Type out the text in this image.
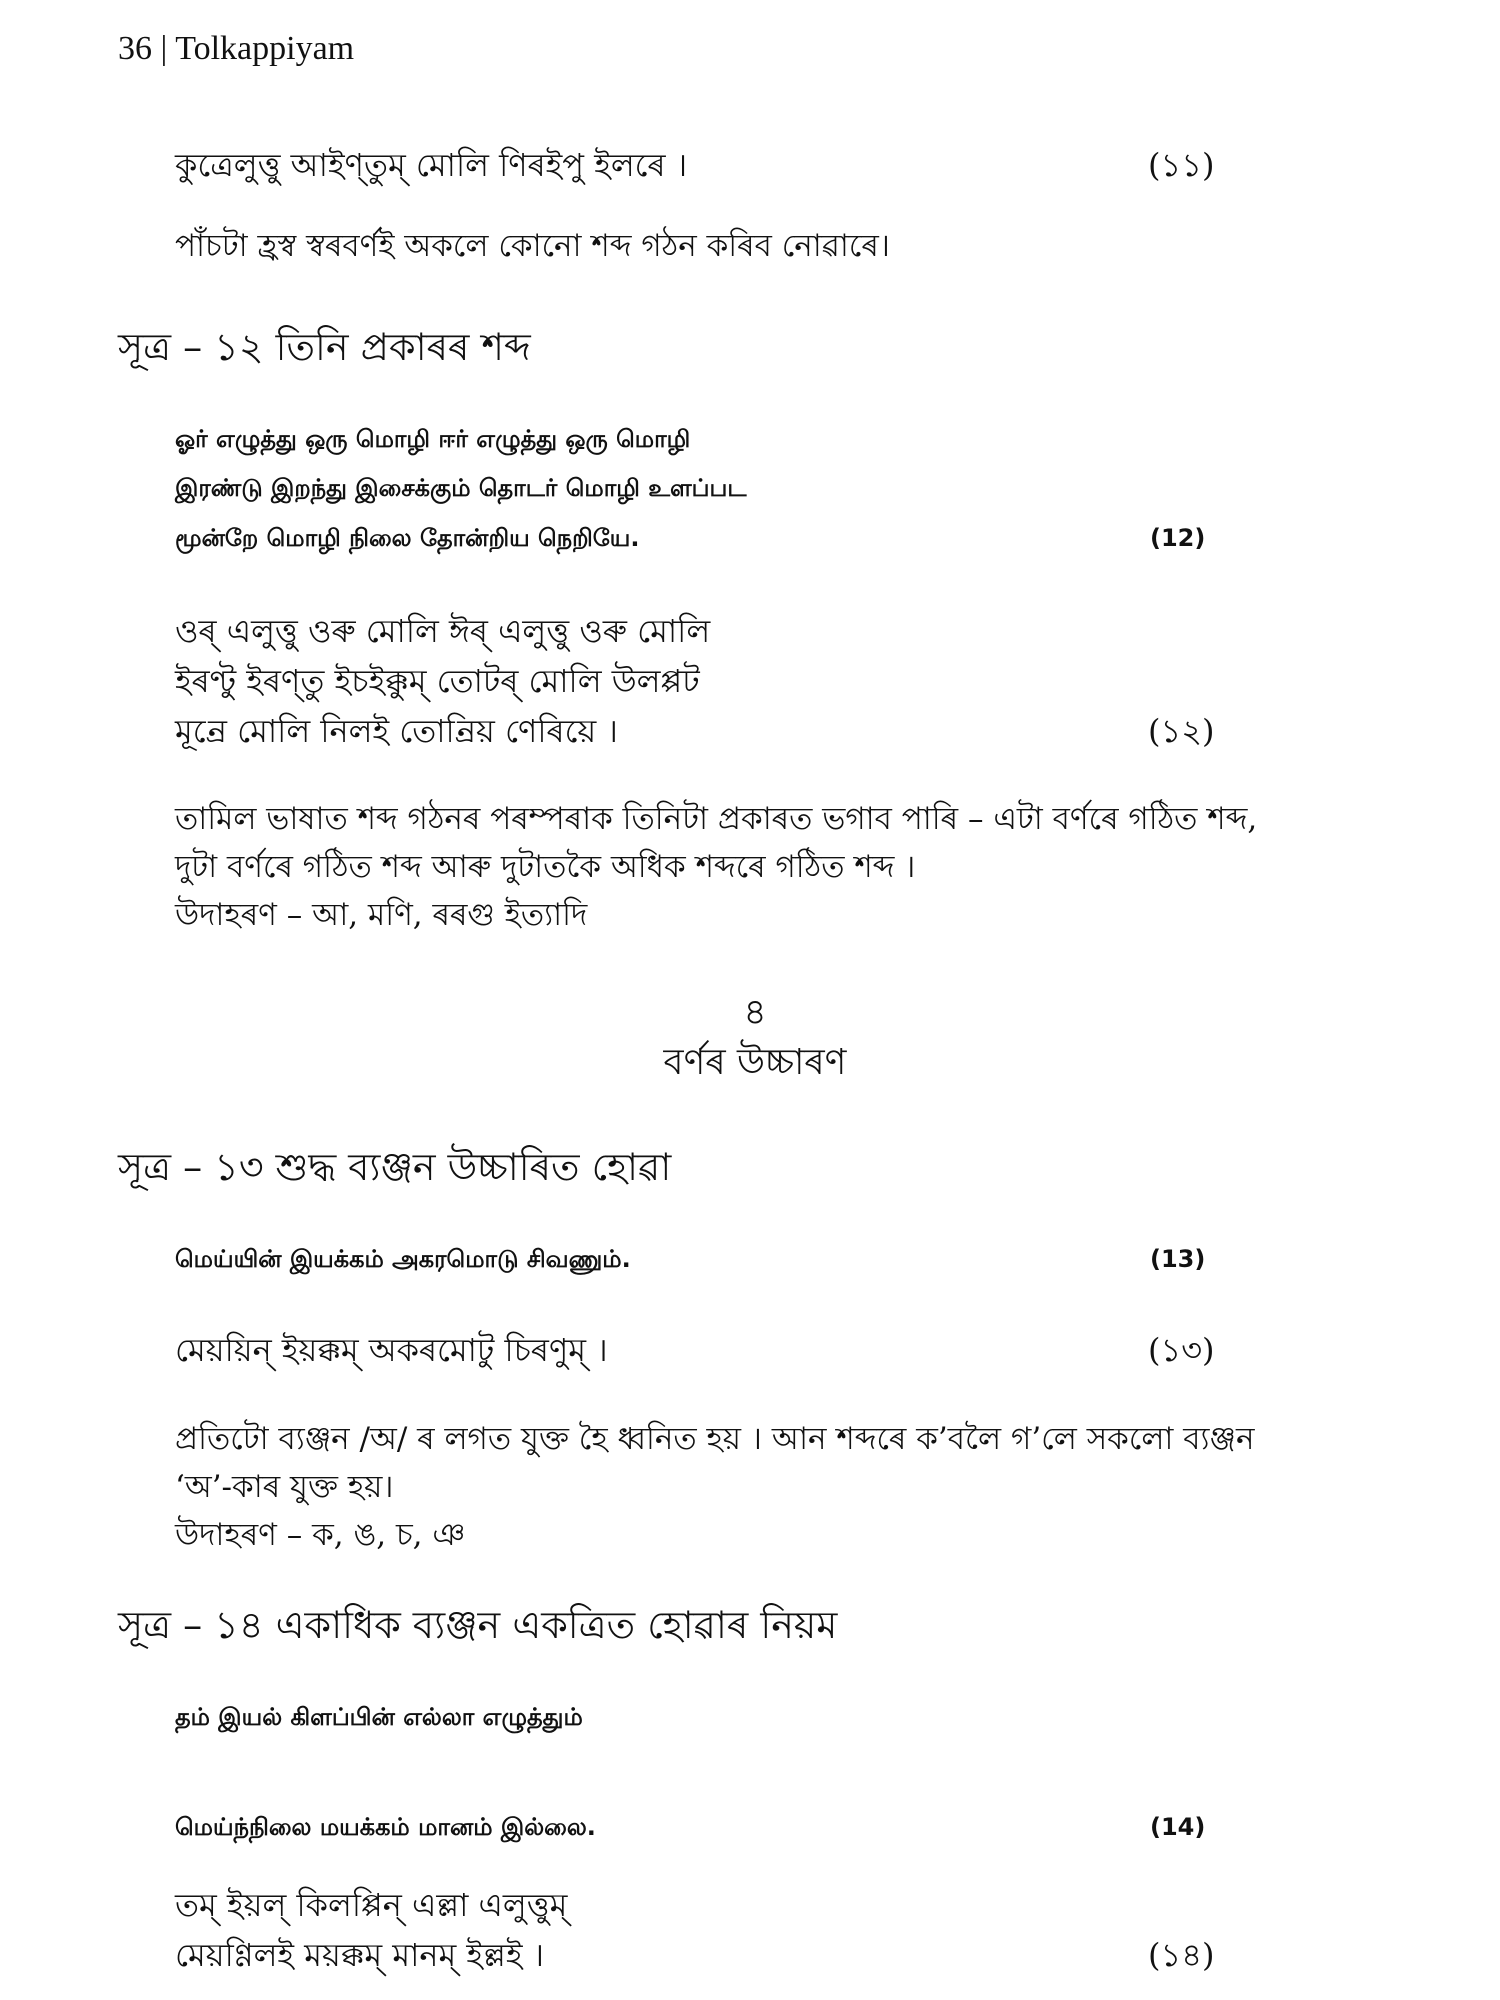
36 | Tolkappiyam
কুত্ৰেলুত্তু আইণ্তুম্ মোলি ণিৰইপু ইলৰে ।	(১১)
পাঁচটা হ্ৰস্ব স্বৰবৰ্ণই অকলে কোনো শব্দ গঠন কৰিব নোৱাৰে।
সূত্ৰ – ১২ তিনি প্ৰকাৰৰ শব্দ
ஓர் எழுத்து ஒரு மொழி ஈர் எழுத்து ஒரு மொழி
இரண்டு இறந்து இசைக்கும் தொடர் மொழி உளப்பட
மூன்றே மொழி நிலை தோன்றிய நெறியே.	(12)
ওৰ্ এলুত্তু ওৰু মোলি ঈৰ্ এলুত্তু ওৰু মোলি
ইৰণ্টু ইৰণ্তু ইচইক্কুম্ তোটৰ্ মোলি উলপ্পট
মূন্ৰে মোলি নিলই তোন্ৰিয় ণেৰিয়ে ।	(১২)
তামিল ভাষাত শব্দ গঠনৰ পৰম্পৰাক তিনিটা প্ৰকাৰত ভগাব পাৰি – এটা বৰ্ণৰে গঠিত শব্দ,
দুটা বৰ্ণৰে গঠিত শব্দ আৰু দুটাতকৈ অধিক শব্দৰে গঠিত শব্দ ।
উদাহৰণ – আ, মণি, ৰৰগু ইত্যাদি
৪
বৰ্ণৰ উচ্চাৰণ
সূত্ৰ – ১৩ শুদ্ধ ব্যঞ্জন উচ্চাৰিত হোৱা
மெய்யின் இயக்கம் அகரமொடு சிவணும்.	(13)
মেয়য়িন্ ইয়ক্কম্ অকৰমোটু চিৰণুম্ ।	(১৩)
প্ৰতিটো ব্যঞ্জন /অ/ ৰ লগত যুক্ত হৈ ধ্বনিত হয় । আন শব্দৰে ক’বলৈ গ’লে সকলো ব্যঞ্জন
‘অ’-কাৰ যুক্ত হয়।
উদাহৰণ – ক, ঙ, চ, ঞ
সূত্ৰ – ১৪ একাধিক ব্যঞ্জন একত্ৰিত হোৱাৰ নিয়ম
தம் இயல் கிளப்பின் எல்லா எழுத்தும்
மெய்ந்நிலை மயக்கம் மானம் இல்லை.	(14)
তম্ ইয়ল্ কিলপ্পিন্ এল্লা এলুত্তুম্
মেয়ণ্ণিলই ময়ক্কম্ মানম্ ইল্লই ।	(১৪)
